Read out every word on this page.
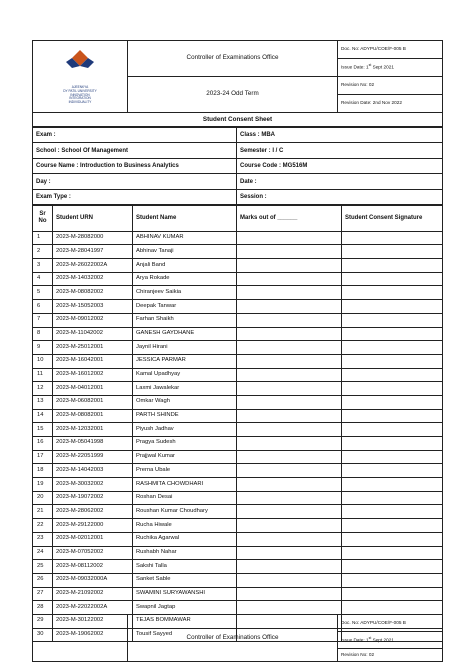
AJEENKYA
DY PATIL UNIVERSITY
INNOVATION
INTEGRATION
INDIVIDUALITY	Controller of Examinations Office	Doc. No: ADYPU/COE/F-005 B
		Issue Date: 1st Sept 2021
	2023-24 Odd Term	Revision No: 02
		Revision Date: 2nd Nov 2022
Student Consent Sheet
Exam :	Class : MBA
School : School Of Management	Semester : I / C
Course Name : Introduction to Business Analytics	Course Code : MG516M
Day :	Date :
Exam Type :	Session :
Sr
No	Student URN	Student Name	Marks out of ______	Student Consent Signature
1	2023-M-28082000	ABHINAV KUMAR		
2	2023-M-28041997	Abhinav Tanaji		
3	2023-M-26022002A	Anjali Band		
4	2023-M-14032002	Arya Rokade		
5	2023-M-08082002	Chiranjeev Saikia		
6	2023-M-15052003	Deepak Tanwar		
7	2023-M-09012002	Farhan Shaikh		
8	2023-M-11042002	GANESH GAYDHANE		
9	2023-M-25012001	Jaynil Hirani		
10	2023-M-16042001	JESSICA PARMAR		
11	2023-M-16012002	Kamal Upadhyay		
12	2023-M-04012001	Laxmi Jawalekar		
13	2023-M-06082001	Omkar Wagh		
14	2023-M-08082001	PARTH SHINDE		
15	2023-M-12032001	Piyush Jadhav		
16	2023-M-05041998	Pragya Sudesh		
17	2023-M-22051999	Prajjwal Kumar		
18	2023-M-14042003	Prerna Ubale		
19	2023-M-30032002	RASHMITA CHOWDHARI		
20	2023-M-19072002	Roshan Desai		
21	2023-M-28062002	Roushan Kumar Choudhary		
22	2023-M-29122000	Rucha Hiwale		
23	2023-M-02012001	Ruchika Agarwal		
24	2023-M-07052002	Rushabh Nahar		
25	2023-M-08112002	Sakshi Talla		
26	2023-M-09032000A	Sanket Sable		
27	2023-M-21092002	SWAMINI SURYAWANSHI		
28	2023-M-22022002A	Swapnil Jagtap		
29	2023-M-30122002	TEJAS BOMMAWAR		
30	2023-M-19062002	Tousif Sayyed		
	Controller of Examinations Office	Doc. No: ADYPU/COE/F-005 B
Issue Date: 1st Sept 2021
Revision No: 02
